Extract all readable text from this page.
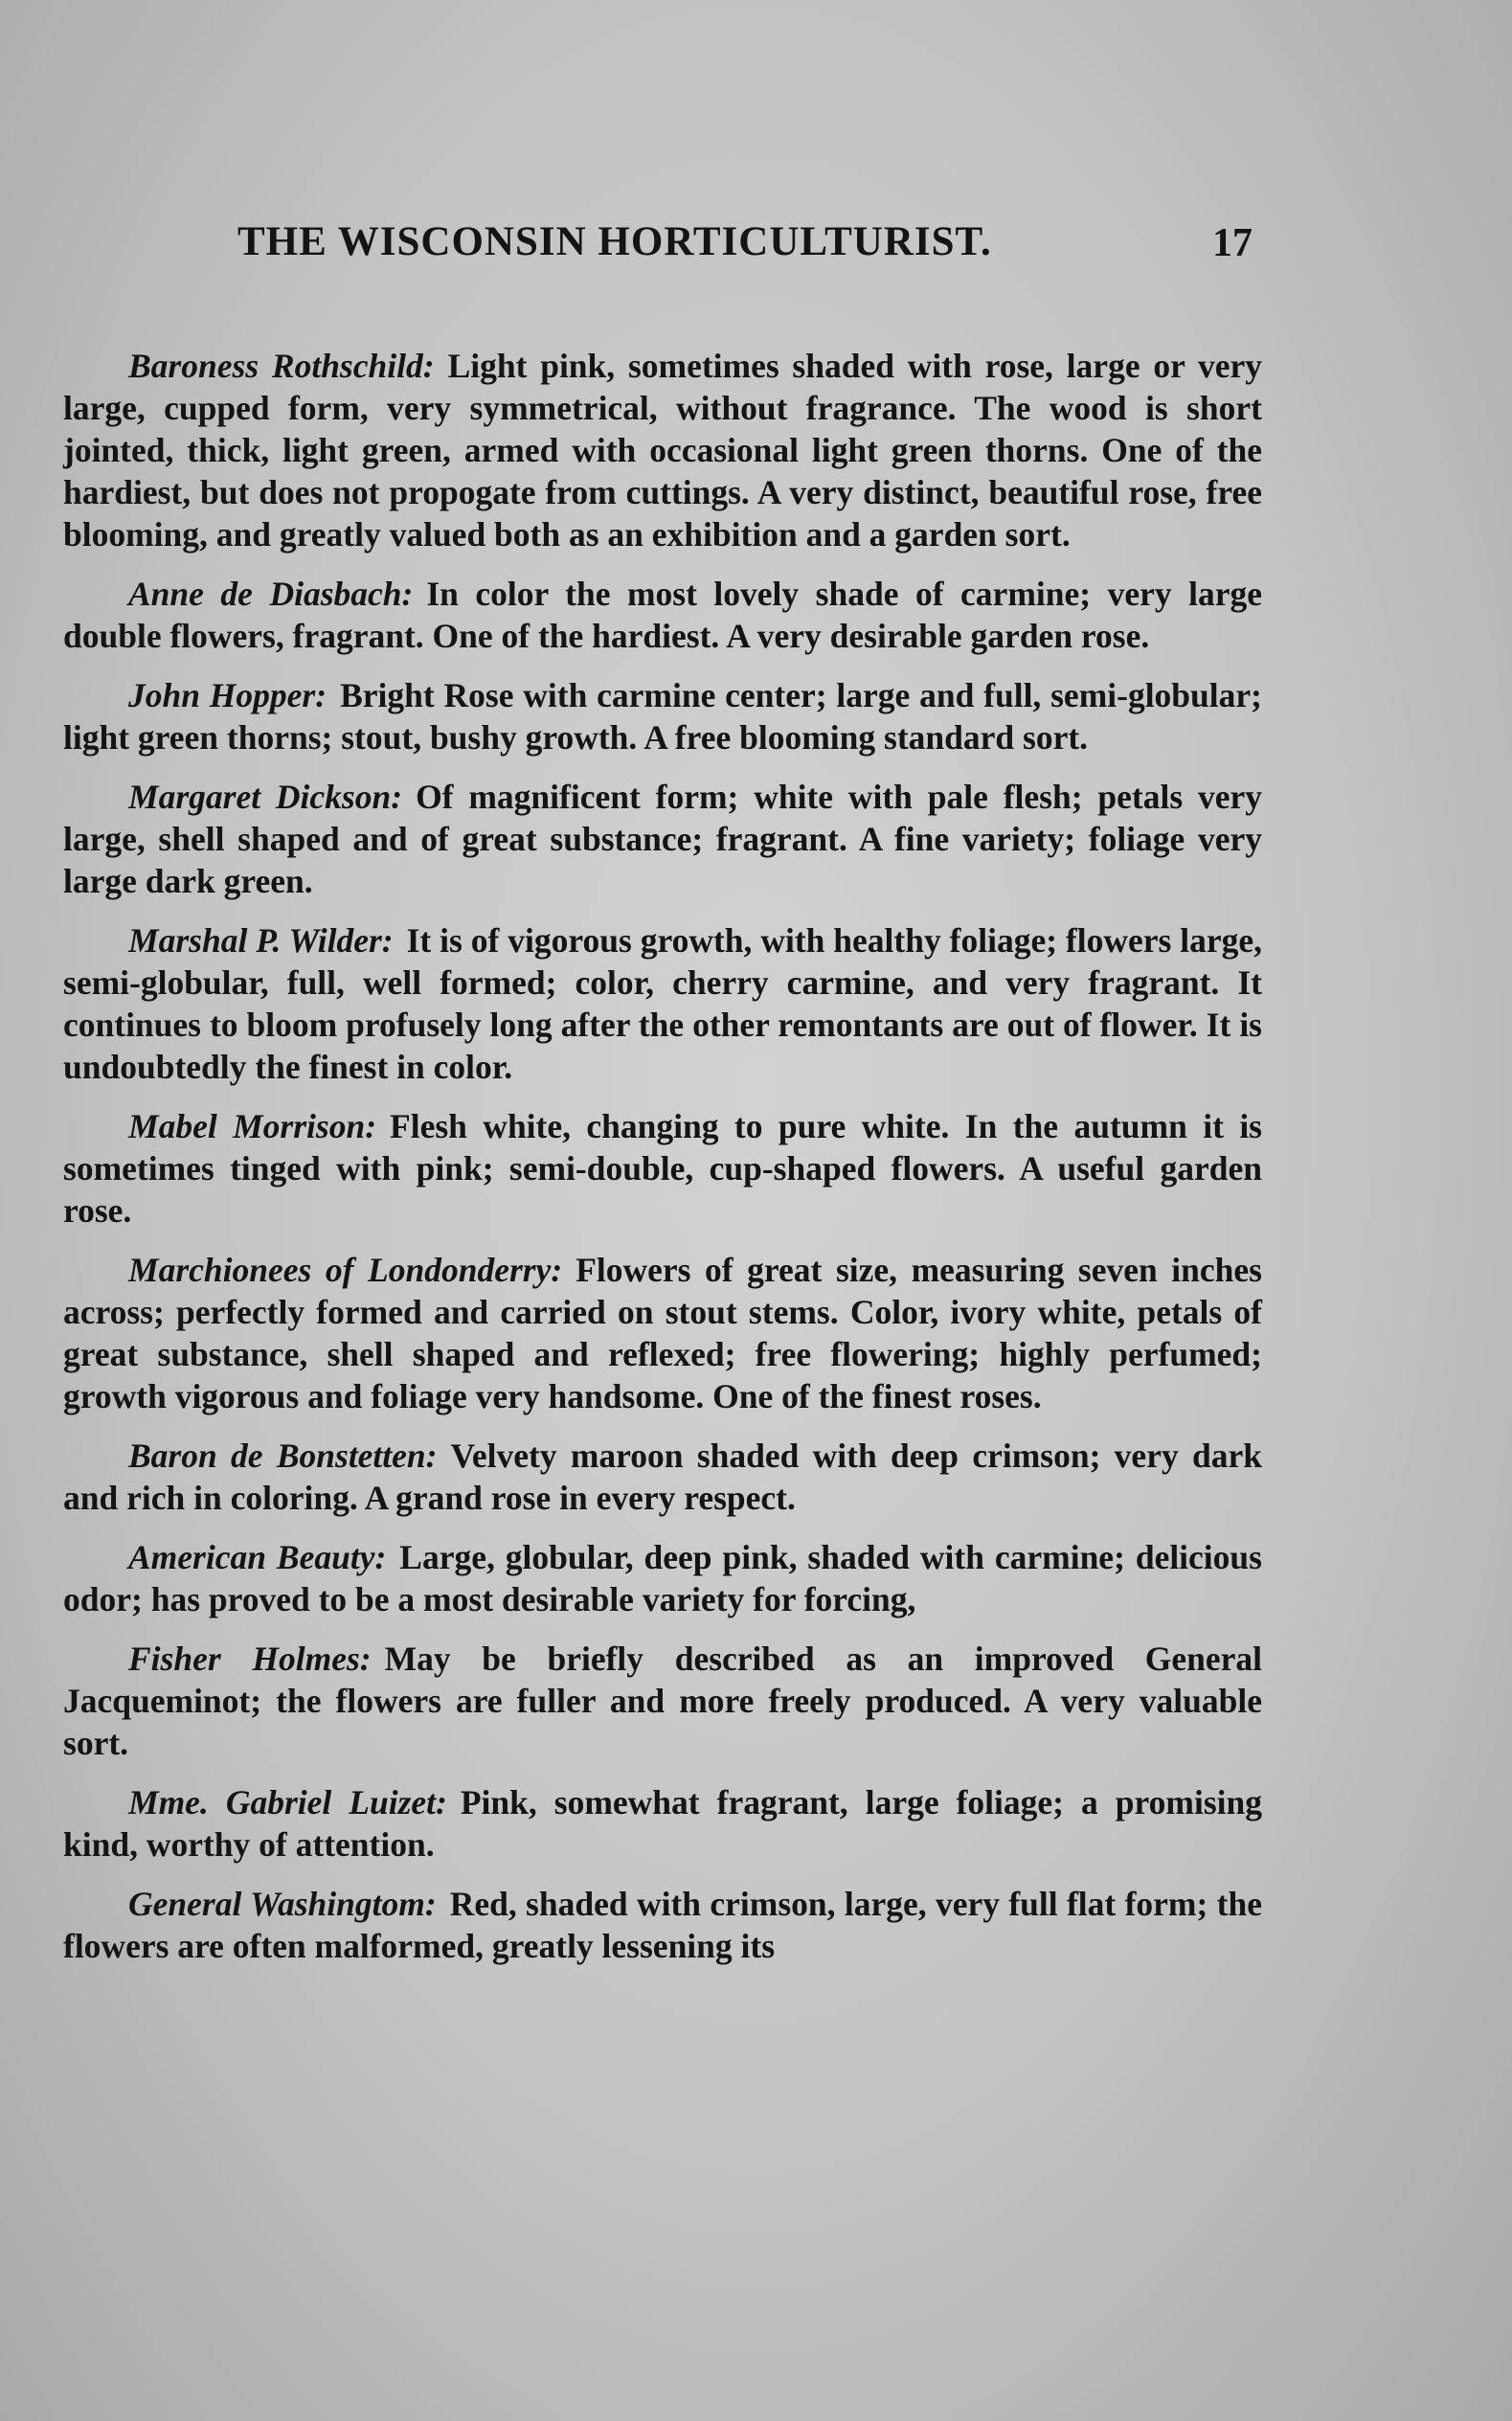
THE WISCONSIN HORTICULTURIST.	17

Baroness Rothschild: Light pink, sometimes shaded with rose, large or very large, cupped form, very symmetrical, without fragrance. The wood is short jointed, thick, light green, armed with occasional light green thorns. One of the hardiest, but does not propogate from cuttings. A very distinct, beautiful rose, free blooming, and greatly valued both as an exhibition and a garden sort.

Anne de Diasbach: In color the most lovely shade of carmine; very large double flowers, fragrant. One of the hardiest. A very desirable garden rose.

John Hopper: Bright Rose with carmine center; large and full, semi-globular; light green thorns; stout, bushy growth. A free blooming standard sort.

Margaret Dickson: Of magnificent form; white with pale flesh; petals very large, shell shaped and of great substance; fragrant. A fine variety; foliage very large dark green.

Marshal P. Wilder: It is of vigorous growth, with healthy foliage; flowers large, semi-globular, full, well formed; color, cherry carmine, and very fragrant. It continues to bloom profusely long after the other remontants are out of flower. It is undoubtedly the finest in color.

Mabel Morrison: Flesh white, changing to pure white. In the autumn it is sometimes tinged with pink; semi-double, cup-shaped flowers. A useful garden rose.

Marchionees of Londonderry: Flowers of great size, measuring seven inches across; perfectly formed and carried on stout stems. Color, ivory white, petals of great substance, shell shaped and reflexed; free flowering; highly perfumed; growth vigorous and foliage very handsome. One of the finest roses.

Baron de Bonstetten: Velvety maroon shaded with deep crimson; very dark and rich in coloring. A grand rose in every respect.

American Beauty: Large, globular, deep pink, shaded with carmine; delicious odor; has proved to be a most desirable variety for forcing,

Fisher Holmes: May be briefly described as an improved General Jacqueminot; the flowers are fuller and more freely produced. A very valuable sort.

Mme. Gabriel Luizet: Pink, somewhat fragrant, large foliage; a promising kind, worthy of attention.

General Washingtom: Red, shaded with crimson, large, very full flat form; the flowers are often malformed, greatly lessening its
